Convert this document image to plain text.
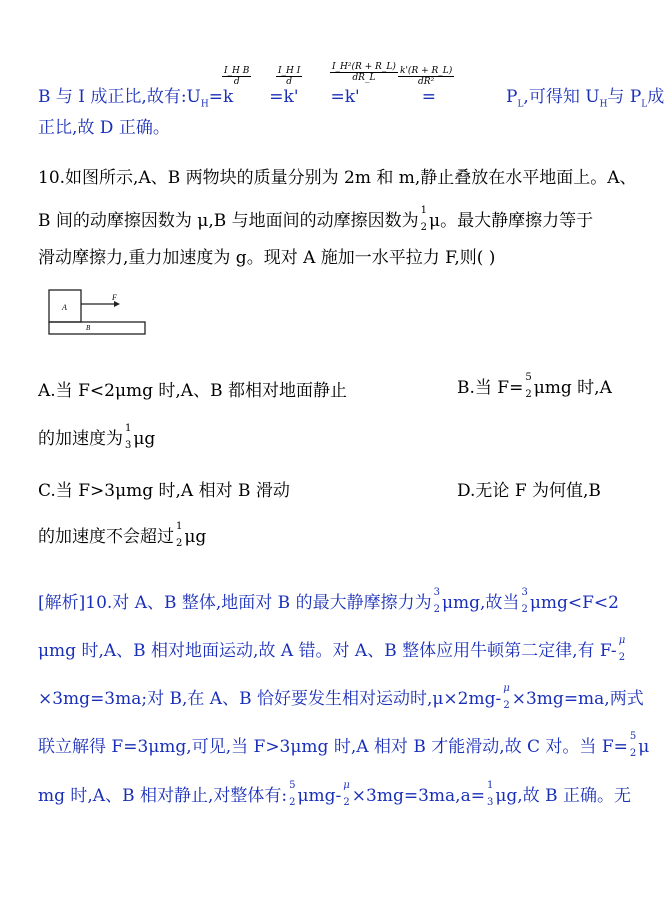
I_H B
d
I_H I
d
I_H²(R + R_L)
dR_L
k'(R + R_L)
dR²
B 与 I 成正比,故有$:U_H=k =k' =k'$	=	$P_L$,可得知 $U_H$与 $P_L$成
正比,故 D 正确。
10.如图所示,A、B 两物块的质量分别为 2m 和 m,静止叠放在水平地面上。A、
B 间的动摩擦因数为 μ,B 与地面间的动摩擦因数为
1
2 μ。最大静摩擦力等于
滑动摩擦力,重力加速度为 g。现对 A 施加一水平拉力 F,则( )
A
F
B
A.当 F<2μmg 时,A、B 都相对地面静止	B.当 F=
5
2 μmg 时,A
的加速度为
1
3 μg
C.当 F>3μmg 时,A 相对 B 滑动	D.无论 F 为何值,B
的加速度不会超过
1
2 μg
[解析]10.对 A、B 整体,地面对 B 的最大静摩擦力为
3
2 μmg,故当
3
2 μmg<F<2
μmg 时,A、B 相对地面运动,故 A 错。对 A、B 整体应用牛顿第二定律,有 F-
μ
2
×3mg=3ma;对 B,在 A、B 恰好要发生相对运动时,μ×2mg-
μ
2 ×3mg=ma,两式
联立解得 F=3μmg,可见,当 F>3μmg 时,A 相对 B 才能滑动,故 C 对。当 F=
5
2 μ
mg 时,A、B 相对静止,对整体有:
5
2 μmg-
μ
2 ×3mg=3ma,a=
1
3 μg,故 B 正确。无
